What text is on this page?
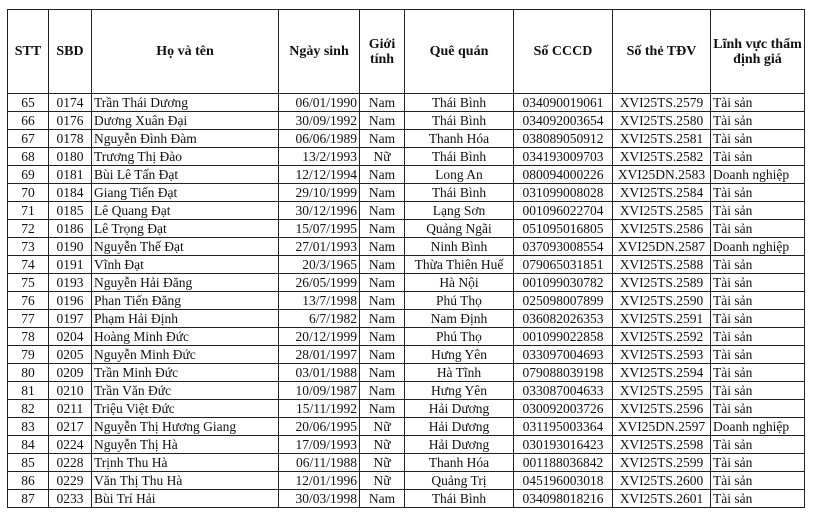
STT	SBD	Họ và tên	Ngày sinh	Giới tính	Quê quán	Số CCCD	Số thẻ TĐV	Lĩnh vực thẩm định giá
65	0174	Trần Thái Dương	06/01/1990	Nam	Thái Bình	034090019061	XVI25TS.2579	Tài sản
66	0176	Dương Xuân Đại	30/09/1992	Nam	Thái Bình	034092003654	XVI25TS.2580	Tài sản
67	0178	Nguyễn Đình Đàm	06/06/1989	Nam	Thanh Hóa	038089050912	XVI25TS.2581	Tài sản
68	0180	Trương Thị Đào	13/2/1993	Nữ	Thái Bình	034193009703	XVI25TS.2582	Tài sản
69	0181	Bùi Lê Tấn Đạt	12/12/1994	Nam	Long An	080094000226	XVI25DN.2583	Doanh nghiệp
70	0184	Giang Tiến Đạt	29/10/1999	Nam	Thái Bình	031099008028	XVI25TS.2584	Tài sản
71	0185	Lê Quang Đạt	30/12/1996	Nam	Lạng Sơn	001096022704	XVI25TS.2585	Tài sản
72	0186	Lê Trọng Đạt	15/07/1995	Nam	Quảng Ngãi	051095016805	XVI25TS.2586	Tài sản
73	0190	Nguyễn Thế Đạt	27/01/1993	Nam	Ninh Bình	037093008554	XVI25DN.2587	Doanh nghiệp
74	0191	Vĩnh Đạt	20/3/1965	Nam	Thừa Thiên Huế	079065031851	XVI25TS.2588	Tài sản
75	0193	Nguyễn Hải Đăng	26/05/1999	Nam	Hà Nội	001099030782	XVI25TS.2589	Tài sản
76	0196	Phan Tiến Đăng	13/7/1998	Nam	Phú Thọ	025098007899	XVI25TS.2590	Tài sản
77	0197	Phạm Hải Định	6/7/1982	Nam	Nam Định	036082026353	XVI25TS.2591	Tài sản
78	0204	Hoàng Minh Đức	20/12/1999	Nam	Phú Thọ	001099022858	XVI25TS.2592	Tài sản
79	0205	Nguyễn Minh Đức	28/01/1997	Nam	Hưng Yên	033097004693	XVI25TS.2593	Tài sản
80	0209	Trần Minh Đức	03/01/1988	Nam	Hà Tĩnh	079088039198	XVI25TS.2594	Tài sản
81	0210	Trần Văn Đức	10/09/1987	Nam	Hưng Yên	033087004633	XVI25TS.2595	Tài sản
82	0211	Triệu Việt Đức	15/11/1992	Nam	Hải Dương	030092003726	XVI25TS.2596	Tài sản
83	0217	Nguyễn Thị Hương Giang	20/06/1995	Nữ	Hải Dương	031195003364	XVI25DN.2597	Doanh nghiệp
84	0224	Nguyễn Thị Hà	17/09/1993	Nữ	Hải Dương	030193016423	XVI25TS.2598	Tài sản
85	0228	Trịnh Thu Hà	06/11/1988	Nữ	Thanh Hóa	001188036842	XVI25TS.2599	Tài sản
86	0229	Văn Thị Thu Hà	12/01/1996	Nữ	Quảng Trị	045196003018	XVI25TS.2600	Tài sản
87	0233	Bùi Trí Hải	30/03/1998	Nam	Thái Bình	034098018216	XVI25TS.2601	Tài sản
